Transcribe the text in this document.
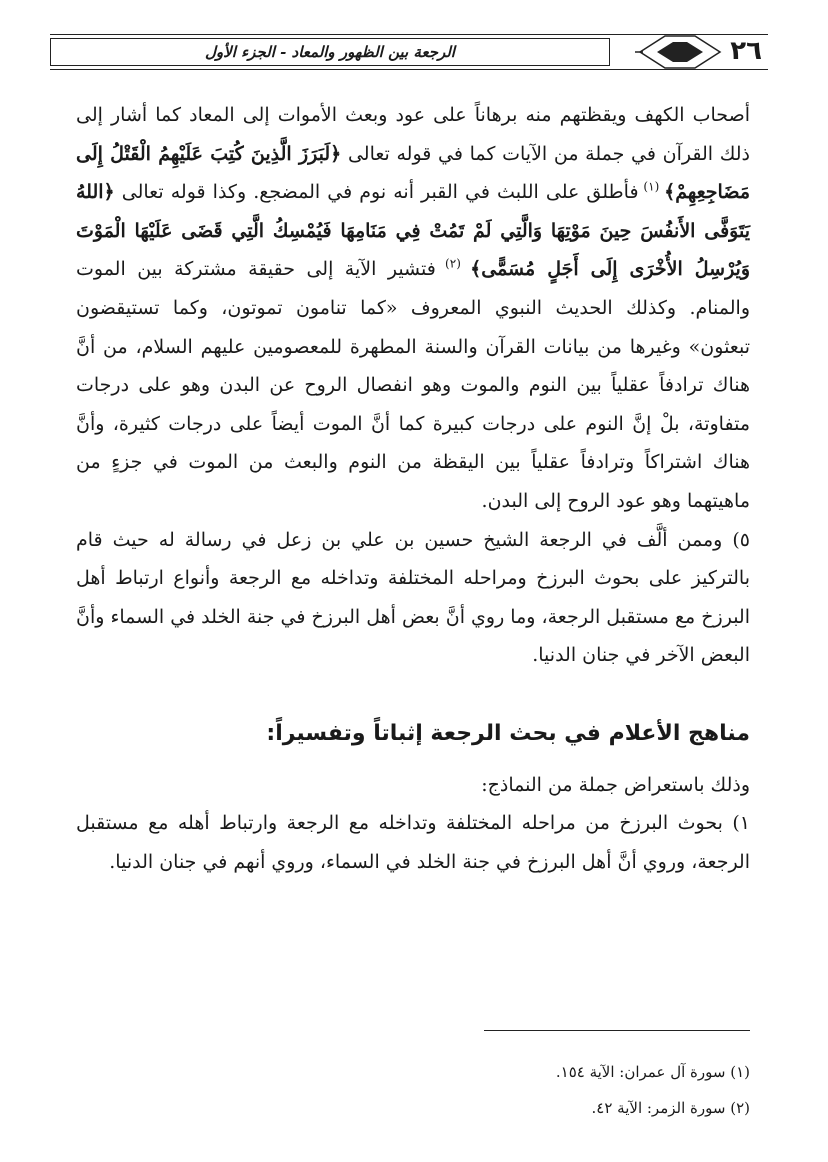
الرجعة بين الظهور والمعاد - الجزء الأول	٢٦

أصحاب الكهف ويقظتهم منه برهاناً على عود وبعث الأموات إلى المعاد كما أشار إلى ذلك القرآن في جملة من الآيات كما في قوله تعالى ﴿لَبَرَزَ الَّذِينَ كُتِبَ عَلَيْهِمُ الْقَتْلُ إِلَى مَضَاجِعِهِمْ﴾ $^{(١)}$ فأطلق على اللبث في القبر أنه نوم في المضجع. وكذا قوله تعالى ﴿اللهُ يَتَوَفَّى الأَنفُسَ حِينَ مَوْتِهَا وَالَّتِي لَمْ تَمُتْ فِي مَنَامِهَا فَيُمْسِكُ الَّتِي قَضَى عَلَيْهَا الْمَوْتَ وَيُرْسِلُ الأُخْرَى إِلَى أَجَلٍ مُسَمًّى﴾ $^{(٢)}$ فتشير الآية إلى حقيقة مشتركة بين الموت والمنام. وكذلك الحديث النبوي المعروف «كما تنامون تموتون، وكما تستيقضون تبعثون» وغيرها من بيانات القرآن والسنة المطهرة للمعصومين عليهم السلام، من أنَّ هناك ترادفاً عقلياً بين النوم والموت وهو انفصال الروح عن البدن وهو على درجات متفاوتة، بلْ إنَّ النوم على درجات كبيرة كما أنَّ الموت أيضاً على درجات كثيرة، وأنَّ هناك اشتراكاً وترادفاً عقلياً بين اليقظة من النوم والبعث من الموت في جزءٍ من ماهيتهما وهو عود الروح إلى البدن.

٥) وممن ألَّف في الرجعة الشيخ حسين بن علي بن زعل في رسالة له حيث قام بالتركيز على بحوث البرزخ ومراحله المختلفة وتداخله مع الرجعة وأنواع ارتباط أهل البرزخ مع مستقبل الرجعة، وما روي أنَّ بعض أهل البرزخ في جنة الخلد في السماء وأنَّ البعض الآخر في جنان الدنيا.

مناهج الأعلام في بحث الرجعة إثباتاً وتفسيراً:

وذلك باستعراض جملة من النماذج:

١) بحوث البرزخ من مراحله المختلفة وتداخله مع الرجعة وارتباط أهله مع مستقبل الرجعة، وروي أنَّ أهل البرزخ في جنة الخلد في السماء، وروي أنهم في جنان الدنيا.

(١) سورة آل عمران: الآية ١٥٤.
(٢) سورة الزمر: الآية ٤٢.
